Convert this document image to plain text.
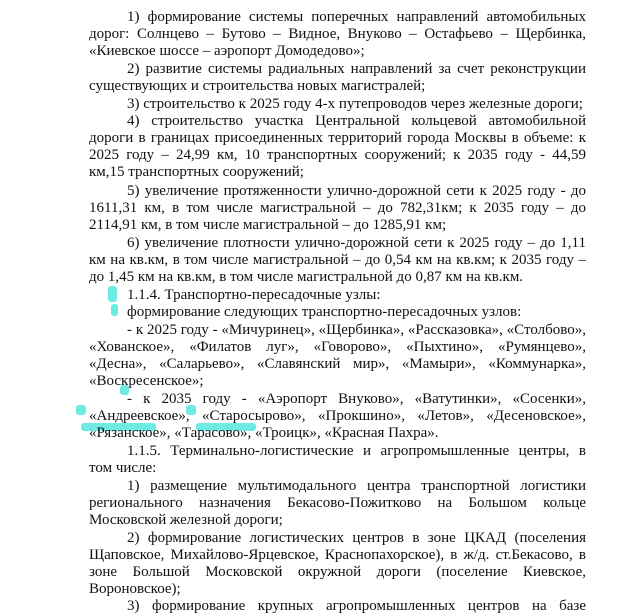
1) формирование системы поперечных направлений автомобильных
дорог: Солнцево – Бутово – Видное, Внуково – Остафьево – Щербинка,
«Киевское шоссе – аэропорт Домодедово»;
2) развитие системы радиальных направлений за счет реконструкции
существующих и строительства новых магистралей;
3) строительство к 2025 году 4-х путепроводов через железные дороги;
4) строительство участка Центральной кольцевой автомобильной
дороги в границах присоединенных территорий города Москвы в объеме: к
2025 году – 24,99 км, 10 транспортных сооружений; к 2035 году - 44,59
км,15 транспортных сооружений;
5) увеличение протяженности улично-дорожной сети к 2025 году - до
1611,31 км, в том числе магистральной – до 782,31км; к 2035 году – до
2114,91 км, в том числе магистральной – до 1285,91 км;
6) увеличение плотности улично-дорожной сети к 2025 году – до 1,11
км на кв.км, в том числе магистральной – до 0,54 км на кв.км; к 2035 году –
до 1,45 км на кв.км, в том числе магистральной до 0,87 км на кв.км.
1.1.4. Транспортно-пересадочные узлы:
формирование следующих транспортно-пересадочных узлов:
- к 2025 году - «Мичуринец», «Щербинка», «Рассказовка», «Столбово»,
«Хованское», «Филатов луг», «Говорово», «Пыхтино», «Румянцево»,
«Десна», «Саларьево», «Славянский мир», «Мамыри», «Коммунарка»,
«Воскресенское»;
- к 2035 году - «Аэропорт Внуково», «Ватутинки», «Сосенки»,
«Андреевское», «Старосырово», «Прокшино», «Летов», «Десеновское»,
«Рязанское», «Тарасово», «Троицк», «Красная Пахра».
1.1.5. Терминально-логистические и агропромышленные центры, в
том числе:
1) размещение мультимодального центра транспортной логистики
регионального назначения Бекасово-Пожитково на Большом кольце
Московской железной дороги;
2) формирование логистических центров в зоне ЦКАД (поселения
Щаповское, Михайлово-Ярцевское, Краснопахорское), в ж/д. ст.Бекасово, в
зоне Большой Московской окружной дороги (поселение Киевское,
Вороновское);
3) формирование крупных агропромышленных центров на базе
